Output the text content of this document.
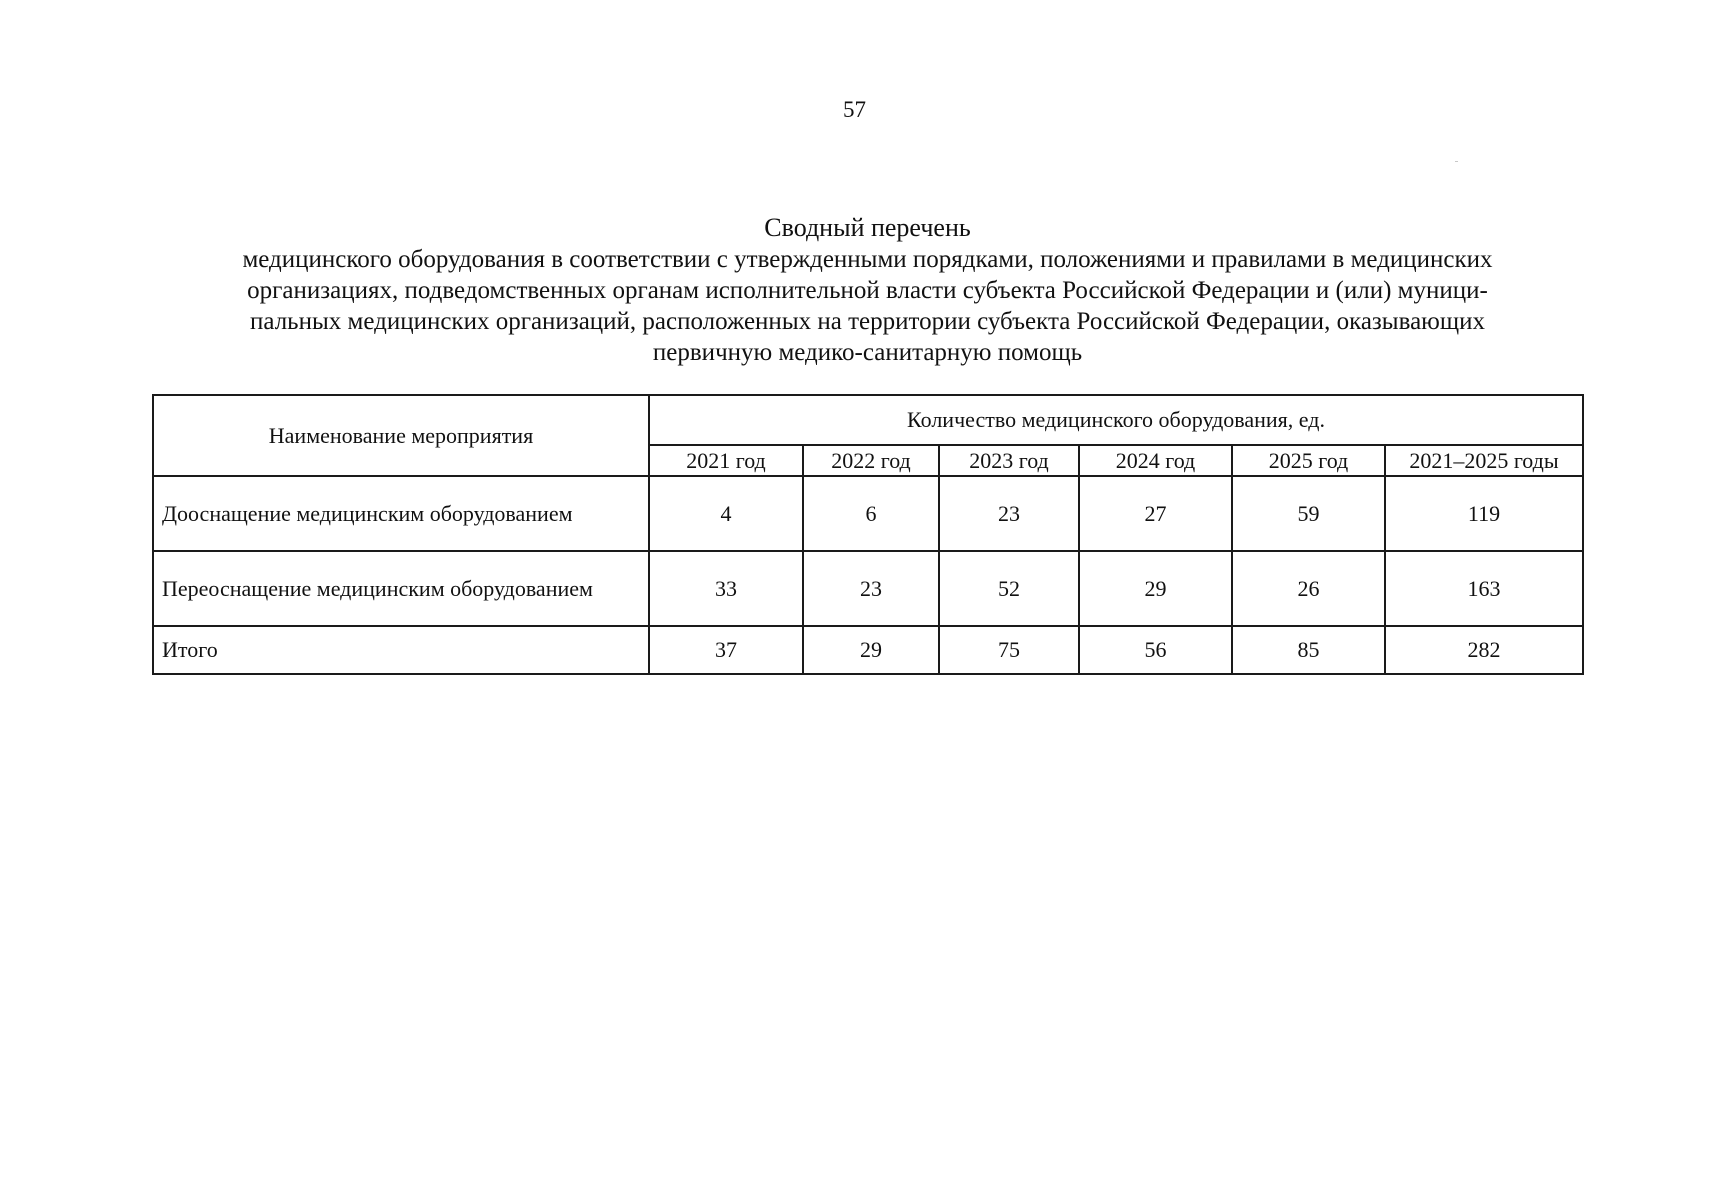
57
Сводный перечень
медицинского оборудования в соответствии с утвержденными порядками, положениями и правилами в медицинских
организациях, подведомственных органам исполнительной власти субъекта Российской Федерации и (или) муници-
пальных медицинских организаций, расположенных на территории субъекта Российской Федерации, оказывающих
первичную медико-санитарную помощь
Наименование мероприятия	Количество медицинского оборудования, ед.					
	2021 год	2022 год	2023 год	2024 год	2025 год	2021–2025 годы
Дооснащение медицинским оборудованием	4	6	23	27	59	119
Переоснащение медицинским оборудованием	33	23	52	29	26	163
Итого	37	29	75	56	85	282
